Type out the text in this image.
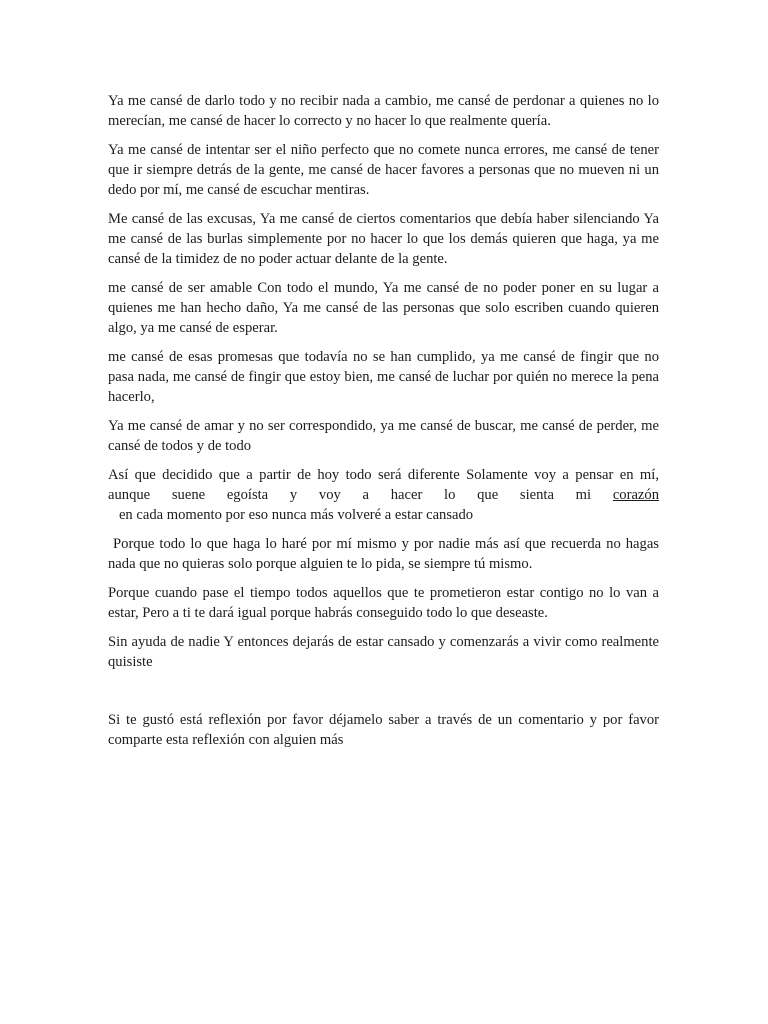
Ya me cansé de darlo todo y no recibir nada a cambio, me cansé de perdonar a quienes no lo merecían, me cansé de hacer lo correcto y no hacer lo que realmente quería.

Ya me cansé de intentar ser el niño perfecto que no comete nunca errores, me cansé de tener que ir siempre detrás de la gente, me cansé de hacer favores a personas que no mueven ni un dedo por mí, me cansé de escuchar mentiras.

Me cansé de las excusas, Ya me cansé de ciertos comentarios que debía haber silenciando Ya me cansé de las burlas simplemente por no hacer lo que los demás quieren que haga, ya me cansé de la timidez de no poder actuar delante de la gente.

me cansé de ser amable Con todo el mundo, Ya me cansé de no poder poner en su lugar a quienes me han hecho daño, Ya me cansé de las personas que solo escriben cuando quieren algo, ya me cansé de esperar.

me cansé de esas promesas que todavía no se han cumplido, ya me cansé de fingir que no pasa nada, me cansé de fingir que estoy bien, me cansé de luchar por quién no merece la pena hacerlo,

Ya me cansé de amar y no ser correspondido, ya me cansé de buscar, me cansé de perder, me cansé de todos y de todo

Así que decidido que a partir de hoy todo será diferente Solamente voy a pensar en mí, aunque suene egoísta y voy a hacer lo que sienta mi corazón   en cada momento por eso nunca más volveré a estar cansado

Porque todo lo que haga lo haré por mí mismo y por nadie más así que recuerda no hagas nada que no quieras solo porque alguien te lo pida, se siempre tú mismo.

Porque cuando pase el tiempo todos aquellos que te prometieron estar contigo no lo van a estar, Pero a ti te dará igual porque habrás conseguido todo lo que deseaste.

Sin ayuda de nadie Y entonces dejarás de estar cansado y comenzarás a vivir como realmente quisiste

Si te gustó está reflexión por favor déjamelo saber a través de un comentario y por favor comparte esta reflexión con alguien más
